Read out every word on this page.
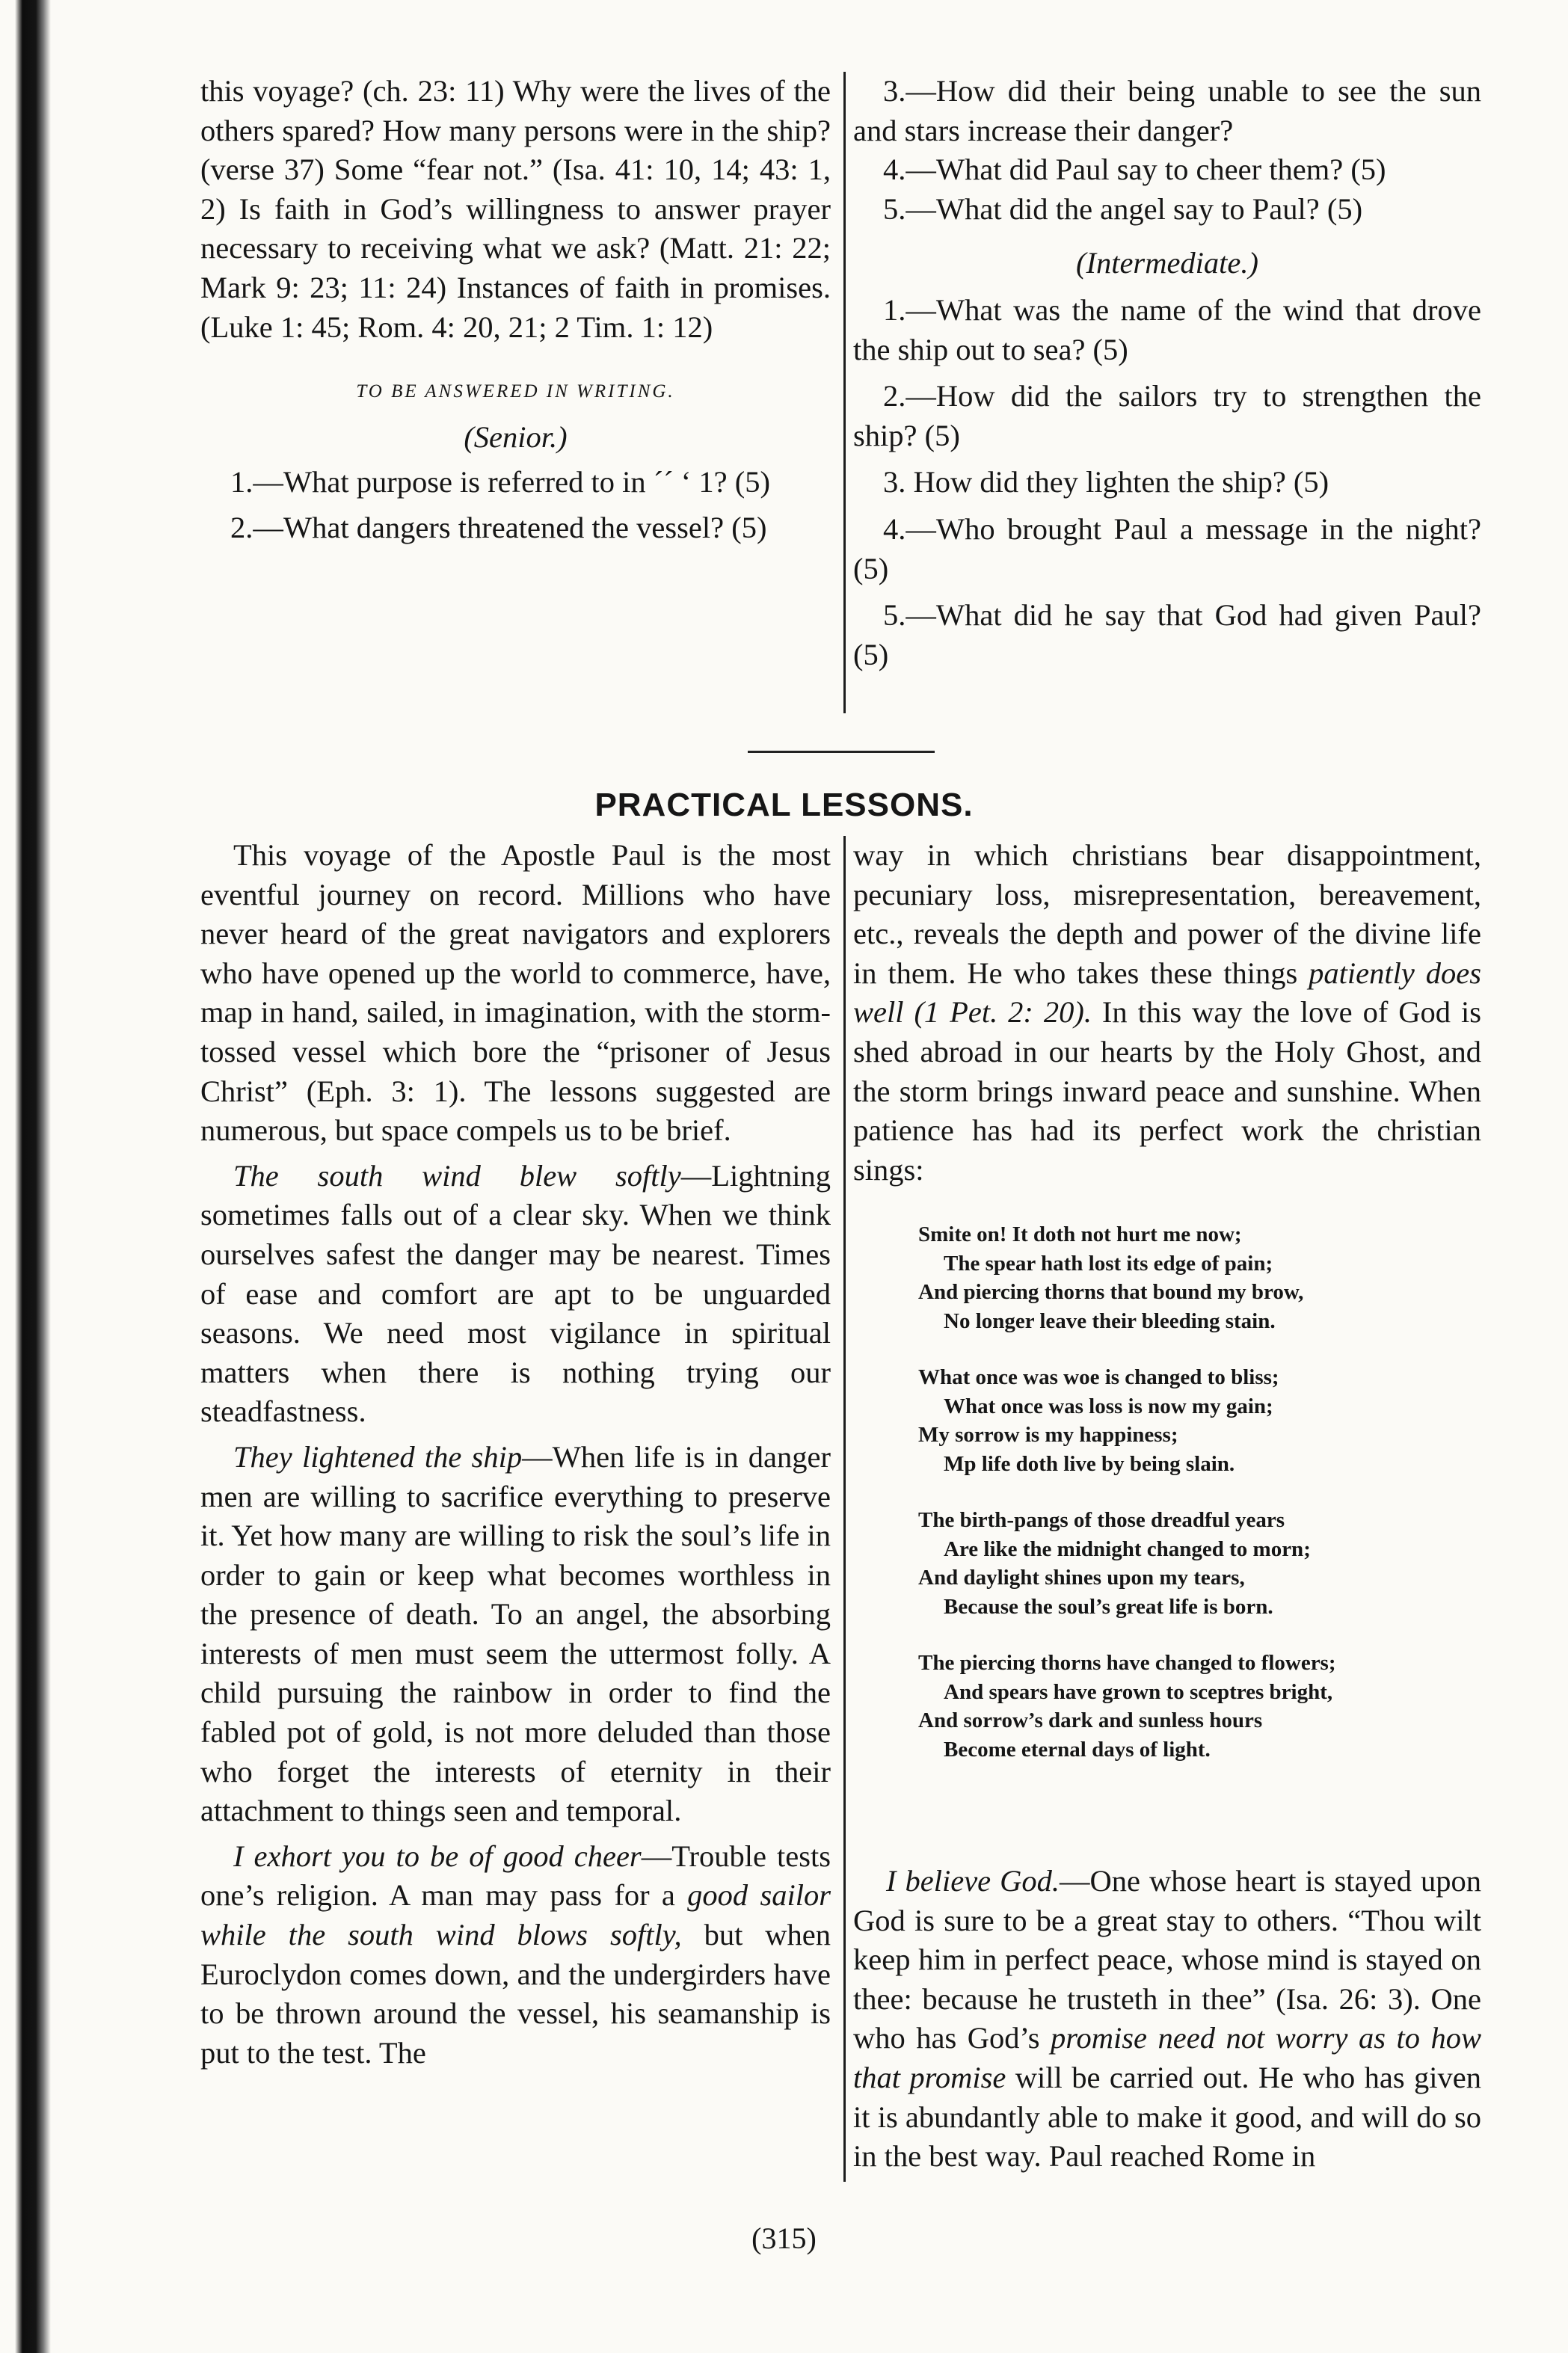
this voyage? (ch. 23: 11) Why were the lives of the others spared? How many persons were in the ship? (verse 37) Some “fear not.” (Isa. 41: 10, 14; 43: 1, 2) Is faith in God’s willingness to answer prayer necessary to receiving what we ask? (Matt. 21: 22; Mark 9: 23; 11: 24) Instances of faith in promises. (Luke 1: 45; Rom. 4: 20, 21; 2 Tim. 1: 12)

TO BE ANSWERED IN WRITING.

(Senior.)

1.—What purpose is referred to in ´´ ‘ 1? (5)

2.—What dangers threatened the vessel? (5)

3.—How did their being unable to see the sun and stars increase their danger?

4.—What did Paul say to cheer them? (5)

5.—What did the angel say to Paul? (5)

(Intermediate.)

1.—What was the name of the wind that drove the ship out to sea? (5)

2.—How did the sailors try to strengthen the ship? (5)

3. How did they lighten the ship? (5)

4.—Who brought Paul a message in the night? (5)

5.—What did he say that God had given Paul? (5)

PRACTICAL LESSONS.

This voyage of the Apostle Paul is the most eventful journey on record. Millions who have never heard of the great navigators and explorers who have opened up the world to commerce, have, map in hand, sailed, in imagination, with the storm-tossed vessel which bore the “prisoner of Jesus Christ” (Eph. 3: 1). The lessons suggested are numerous, but space compels us to be brief.

The south wind blew softly—Lightning sometimes falls out of a clear sky. When we think ourselves safest the danger may be nearest. Times of ease and comfort are apt to be unguarded seasons. We need most vigilance in spiritual matters when there is nothing trying our steadfastness.

They lightened the ship—When life is in danger men are willing to sacrifice everything to preserve it. Yet how many are willing to risk the soul’s life in order to gain or keep what becomes worthless in the presence of death. To an angel, the absorbing interests of men must seem the uttermost folly. A child pursuing the rainbow in order to find the fabled pot of gold, is not more deluded than those who forget the interests of eternity in their attachment to things seen and temporal.

I exhort you to be of good cheer—Trouble tests one’s religion. A man may pass for a good sailor while the south wind blows softly, but when Euroclydon comes down, and the undergirders have to be thrown around the vessel, his seamanship is put to the test. The

way in which christians bear disappointment, pecuniary loss, misrepresentation, bereavement, etc., reveals the depth and power of the divine life in them. He who takes these things patiently does well (1 Pet. 2: 20). In this way the love of God is shed abroad in our hearts by the Holy Ghost, and the storm brings inward peace and sunshine. When patience has had its perfect work the christian sings:

Smite on! It doth not hurt me now;
The spear hath lost its edge of pain;
And piercing thorns that bound my brow,
No longer leave their bleeding stain.
What once was woe is changed to bliss;
What once was loss is now my gain;
My sorrow is my happiness;
Mp life doth live by being slain.
The birth-pangs of those dreadful years
Are like the midnight changed to morn;
And daylight shines upon my tears,
Because the soul’s great life is born.
The piercing thorns have changed to flowers;
And spears have grown to sceptres bright,
And sorrow’s dark and sunless hours
Become eternal days of light.

I believe God.—One whose heart is stayed upon God is sure to be a great stay to others. “Thou wilt keep him in perfect peace, whose mind is stayed on thee: because he trusteth in thee” (Isa. 26: 3). One who has God’s promise need not worry as to how that promise will be carried out. He who has given it is abundantly able to make it good, and will do so in the best way. Paul reached Rome in

(315)
